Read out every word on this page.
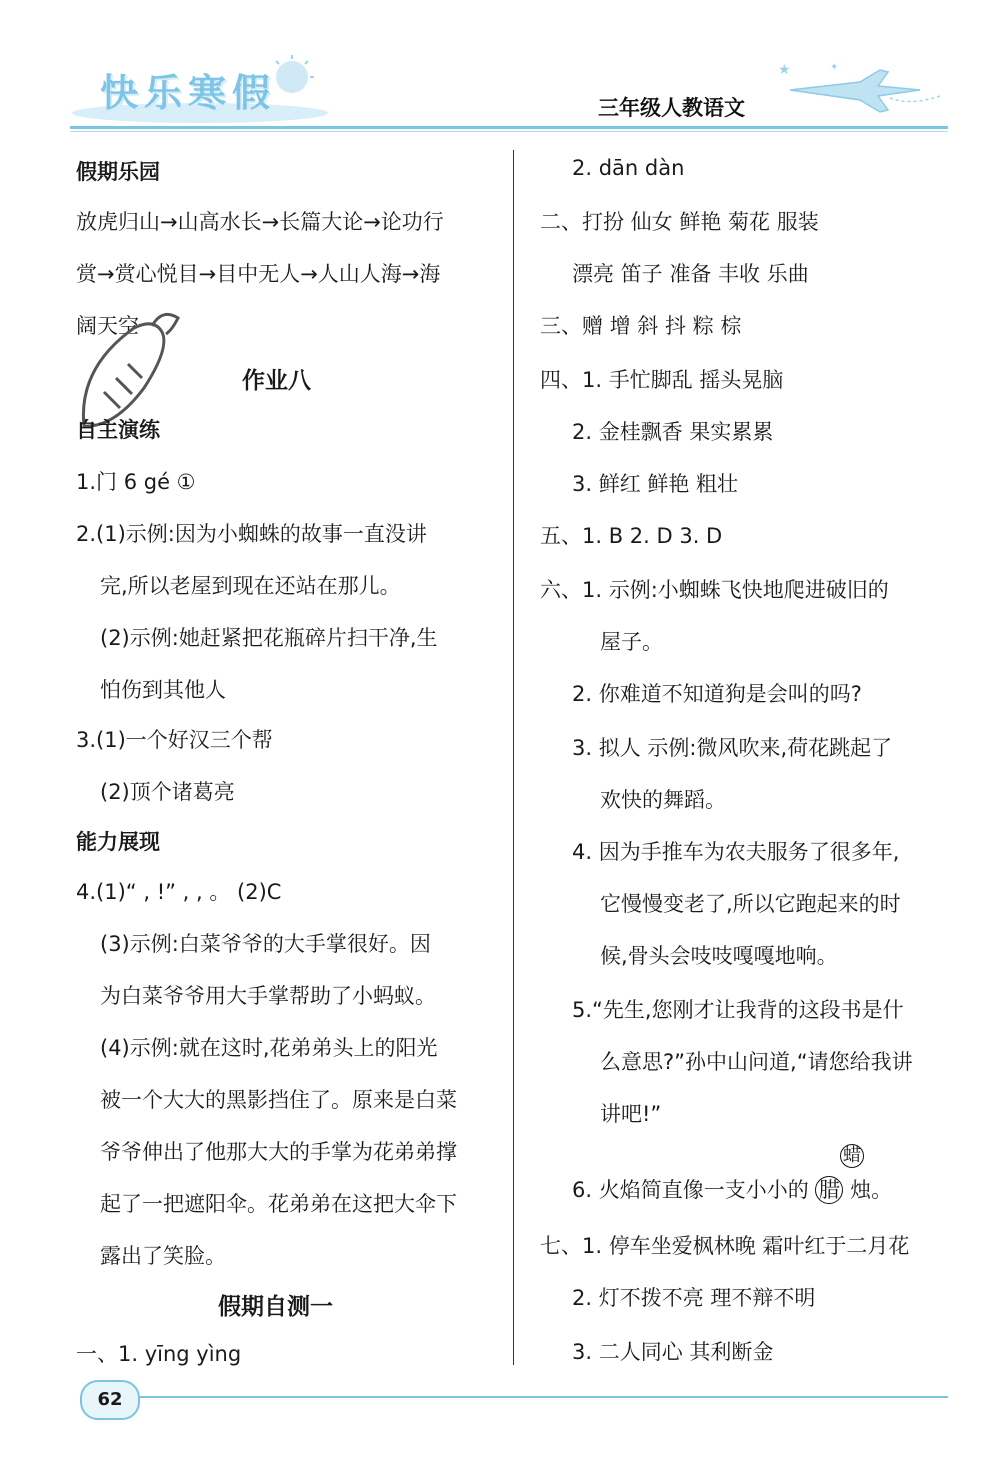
快乐寒假
★	✦
三年级人教语文
假期乐园
放虎归山→山高水长→长篇大论→论功行
赏→赏心悦目→目中无人→人山人海→海
阔天空
作业八
自主演练
1.门 6 gé ①
2.(1)示例:因为小蜘蛛的故事一直没讲
完,所以老屋到现在还站在那儿。
(2)示例:她赶紧把花瓶碎片扫干净,生
怕伤到其他人
3.(1)一个好汉三个帮
(2)顶个诸葛亮
能力展现
4.(1)“ , !” , , 。 (2)C
(3)示例:白菜爷爷的大手掌很好。因
为白菜爷爷用大手掌帮助了小蚂蚁。
(4)示例:就在这时,花弟弟头上的阳光
被一个大大的黑影挡住了。原来是白菜
爷爷伸出了他那大大的手掌为花弟弟撑
起了一把遮阳伞。花弟弟在这把大伞下
露出了笑脸。
假期自测一
一、1. yīng yìng
2. dān dàn
二、打扮 仙女 鲜艳 菊花 服装
漂亮 笛子 准备 丰收 乐曲
三、赠 增 斜 抖 粽 棕
四、1. 手忙脚乱 摇头晃脑
2. 金桂飘香 果实累累
3. 鲜红 鲜艳 粗壮
五、1. B 2. D 3. D
六、1. 示例:小蜘蛛飞快地爬进破旧的
屋子。
2. 你难道不知道狗是会叫的吗?
3. 拟人 示例:微风吹来,荷花跳起了
欢快的舞蹈。
4. 因为手推车为农夫服务了很多年,
它慢慢变老了,所以它跑起来的时
候,骨头会吱吱嘎嘎地响。
5.“先生,您刚才让我背的这段书是什
么意思?”孙中山问道,“请您给我讲
讲吧!”
6. 火焰简直像一支小小的 腊 烛。
蜡
七、1. 停车坐爱枫林晚 霜叶红于二月花
2. 灯不拨不亮 理不辩不明
3. 二人同心 其利断金
62
